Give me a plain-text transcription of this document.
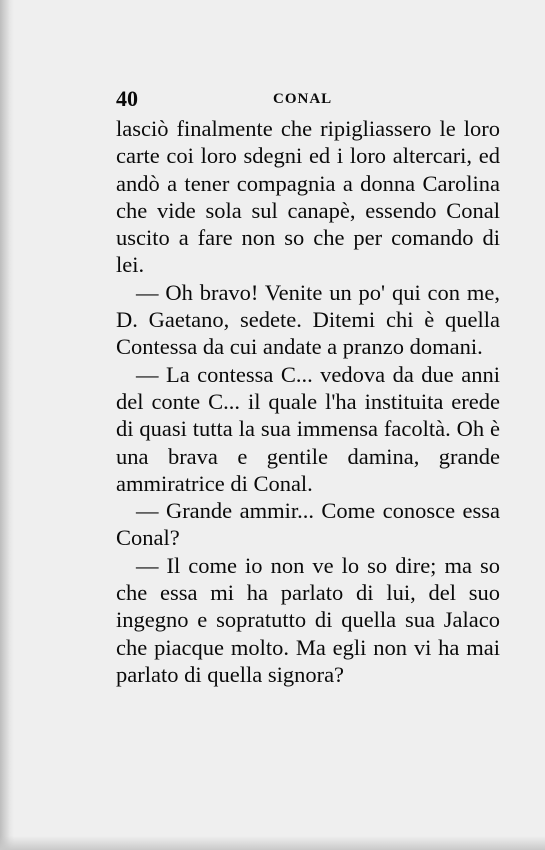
40	CONAL

lasciò finalmente che ripigliassero le loro carte coi loro sdegni ed i loro altercari, ed andò a tener compagnia a donna Carolina che vide sola sul canapè, essendo Conal uscito a fare non so che per comando di lei.

— Oh bravo! Venite un po' qui con me, D. Gaetano, sedete. Ditemi chi è quella Contessa da cui andate a pranzo domani.

— La contessa C... vedova da due anni del conte C... il quale l'ha instituita erede di quasi tutta la sua immensa facoltà. Oh è una brava e gentile damina, grande ammiratrice di Conal.

— Grande ammir... Come conosce essa Conal?

— Il come io non ve lo so dire; ma so che essa mi ha parlato di lui, del suo ingegno e sopratutto di quella sua Jalaco che piacque molto. Ma egli non vi ha mai parlato di quella signora?
